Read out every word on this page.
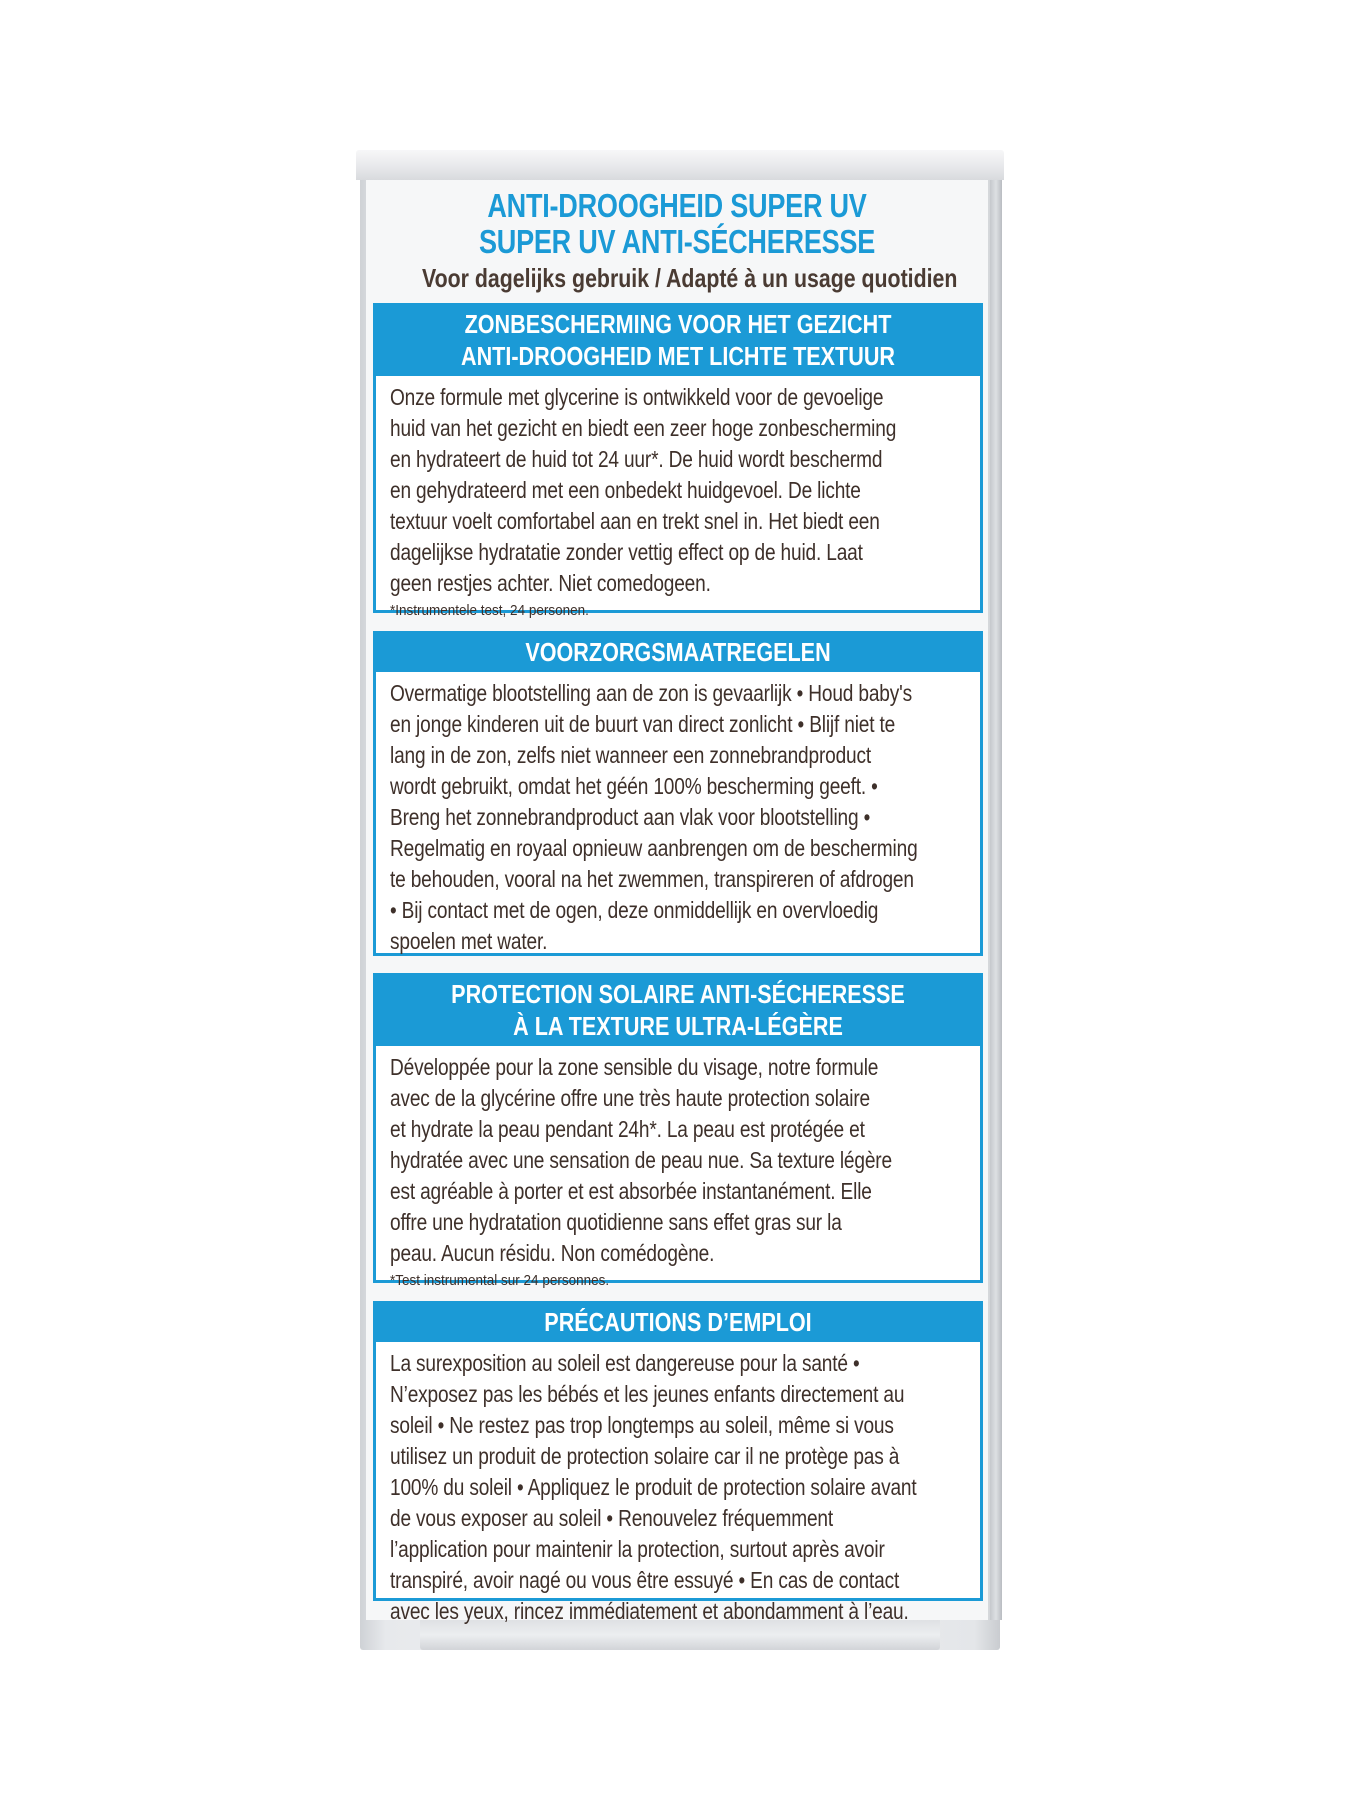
ANTI-DROOGHEID SUPER UV
SUPER UV ANTI-SÉCHERESSE
Voor dagelijks gebruik / Adapté à un usage quotidien
ZONBESCHERMING VOOR HET GEZICHT
ANTI-DROOGHEID MET LICHTE TEXTUUR
Onze formule met glycerine is ontwikkeld voor de gevoelige
huid van het gezicht en biedt een zeer hoge zonbescherming
en hydrateert de huid tot 24 uur*. De huid wordt beschermd
en gehydrateerd met een onbedekt huidgevoel. De lichte
textuur voelt comfortabel aan en trekt snel in. Het biedt een
dagelijkse hydratatie zonder vettig effect op de huid. Laat
geen restjes achter. Niet comedogeen.
*Instrumentele test, 24 personen.
VOORZORGSMAATREGELEN
Overmatige blootstelling aan de zon is gevaarlijk • Houd baby's
en jonge kinderen uit de buurt van direct zonlicht • Blijf niet te
lang in de zon, zelfs niet wanneer een zonnebrandproduct
wordt gebruikt, omdat het géén 100% bescherming geeft. •
Breng het zonnebrandproduct aan vlak voor blootstelling •
Regelmatig en royaal opnieuw aanbrengen om de bescherming
te behouden, vooral na het zwemmen, transpireren of afdrogen
• Bij contact met de ogen, deze onmiddellijk en overvloedig
spoelen met water.
PROTECTION SOLAIRE ANTI-SÉCHERESSE
À LA TEXTURE ULTRA-LÉGÈRE
Développée pour la zone sensible du visage, notre formule
avec de la glycérine offre une très haute protection solaire
et hydrate la peau pendant 24h*. La peau est protégée et
hydratée avec une sensation de peau nue. Sa texture légère
est agréable à porter et est absorbée instantanément. Elle
offre une hydratation quotidienne sans effet gras sur la
peau. Aucun résidu. Non comédogène.
*Test instrumental sur 24 personnes.
PRÉCAUTIONS D’EMPLOI
La surexposition au soleil est dangereuse pour la santé •
N’exposez pas les bébés et les jeunes enfants directement au
soleil • Ne restez pas trop longtemps au soleil, même si vous
utilisez un produit de protection solaire car il ne protège pas à
100% du soleil • Appliquez le produit de protection solaire avant
de vous exposer au soleil • Renouvelez fréquemment
l’application pour maintenir la protection, surtout après avoir
transpiré, avoir nagé ou vous être essuyé • En cas de contact
avec les yeux, rincez immédiatement et abondamment à l’eau.
